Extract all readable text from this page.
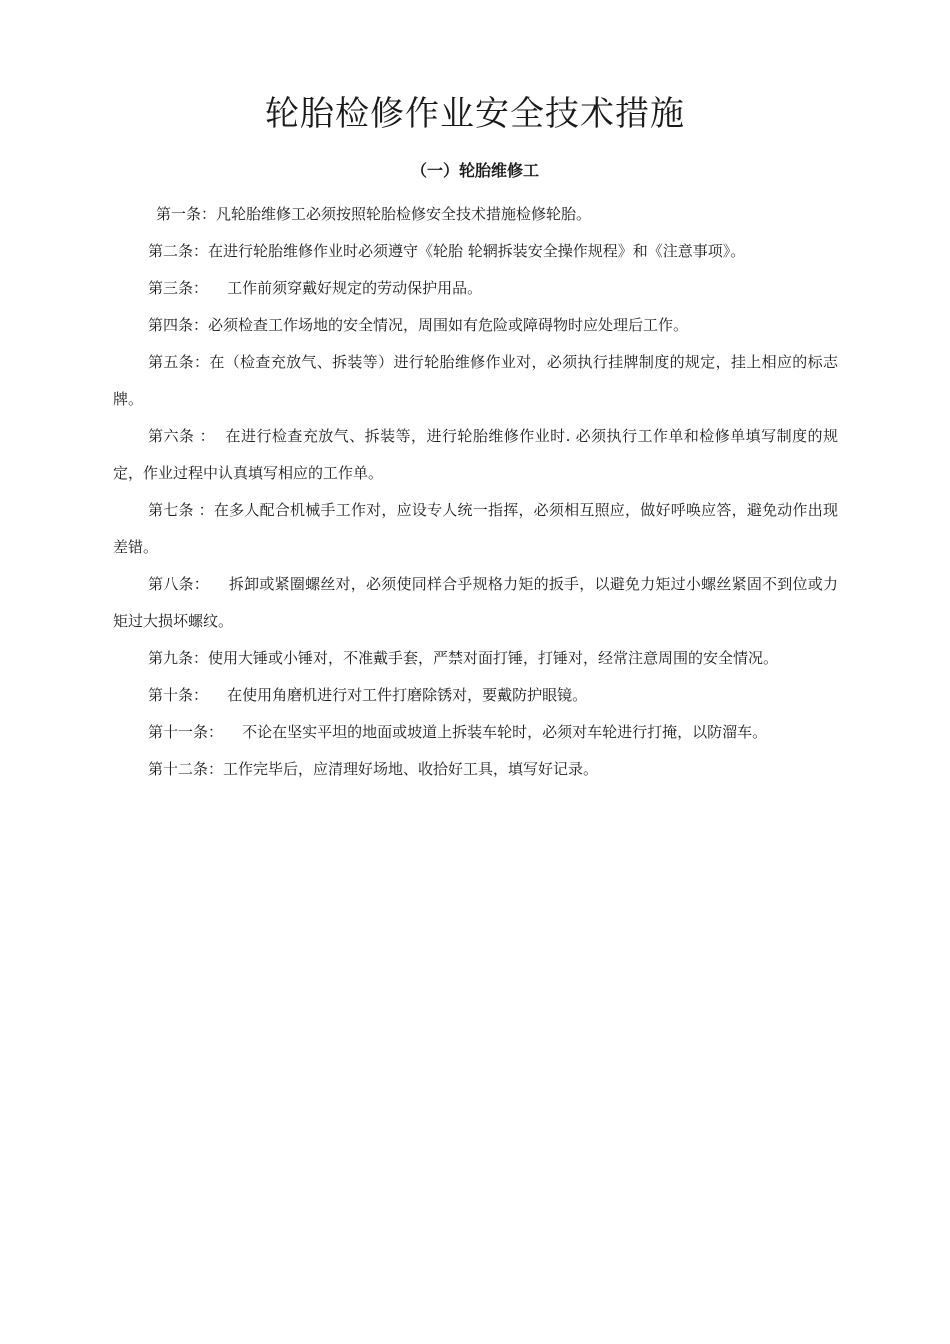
轮胎检修作业安全技术措施
（一）轮胎维修工

第一条：凡轮胎维修工必须按照轮胎检修安全技术措施检修轮胎。

第二条：在进行轮胎维修作业时必须遵守《轮胎 轮辋拆装安全操作规程》和《注意事项》。

第三条：    工作前须穿戴好规定的劳动保护用品。

第四条：必须检查工作场地的安全情况，周围如有危险或障碍物时应处理后工作。

第五条：在（检查充放气、拆装等）进行轮胎维修作业对，必须执行挂牌制度的规定，挂上相应的标志牌。

第六条 ：  在进行检查充放气、拆装等，进行轮胎维修作业时. 必须执行工作单和检修单填写制度的规定，作业过程中认真填写相应的工作单。

第七条 ：在多人配合机械手工作对，应设专人统一指挥，必须相互照应，做好呼唤应答，避免动作出现差错。

第八条：    拆卸或紧圈螺丝对，必须使同样合乎规格力矩的扳手，以避免力矩过小螺丝紧固不到位或力矩过大损坏螺纹。

第九条：使用大锤或小锤对，不准戴手套，严禁对面打锤，打锤对，经常注意周围的安全情况。

第十条：    在使用角磨机进行对工件打磨除锈对，要戴防护眼镜。

第十一条：    不论在坚实平坦的地面或坡道上拆装车轮时，必须对车轮进行打掩，以防溜车。

第十二条：工作完毕后，应清理好场地、收拾好工具，填写好记录。
